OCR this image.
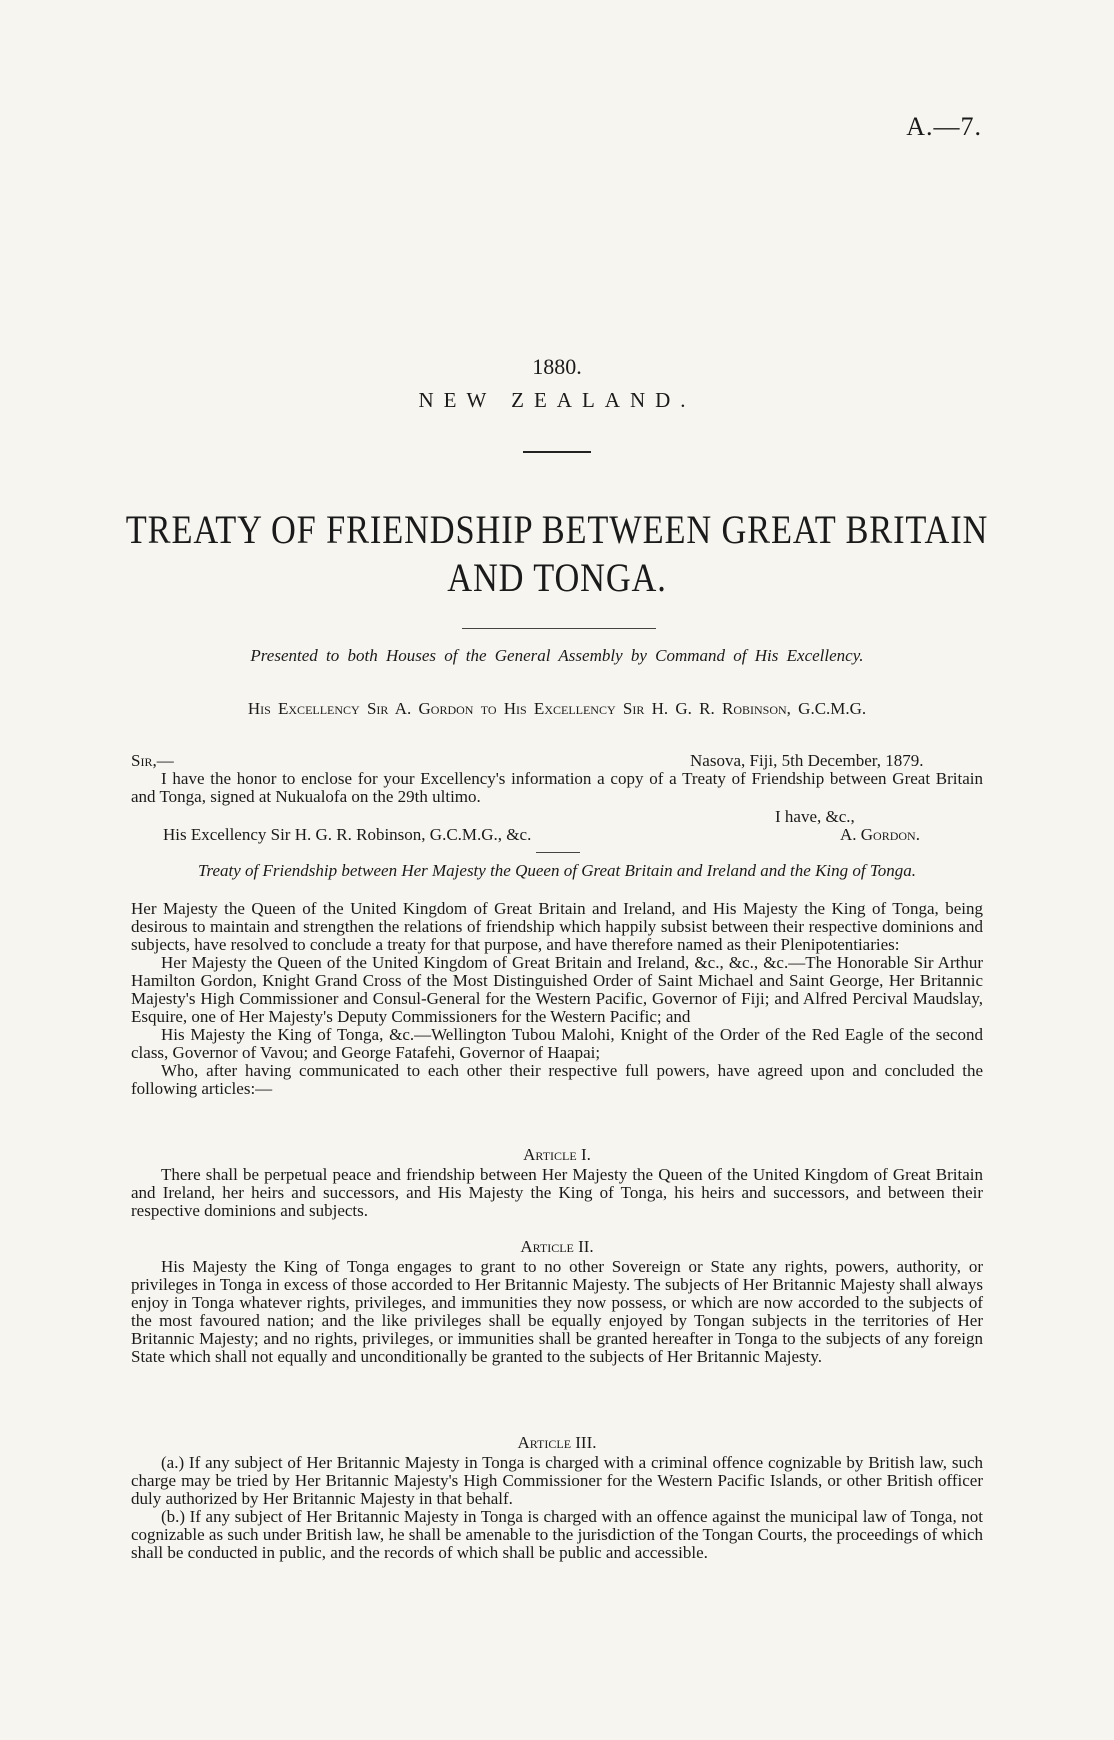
A.—7.
1880.
NEW ZEALAND.
TREATY OF FRIENDSHIP BETWEEN GREAT BRITAIN
AND TONGA.
Presented to both Houses of the General Assembly by Command of His Excellency.
His Excellency Sir A. Gordon to His Excellency Sir H. G. R. Robinson, G.C.M.G.
Sir,—	Nasova, Fiji, 5th December, 1879.
I have the honor to enclose for your Excellency's information a copy of a Treaty of Friendship between Great Britain and Tonga, signed at Nukualofa on the 29th ultimo.
I have, &c.,
His Excellency Sir H. G. R. Robinson, G.C.M.G., &c.	A. Gordon.
Treaty of Friendship between Her Majesty the Queen of Great Britain and Ireland and the King of Tonga.

Her Majesty the Queen of the United Kingdom of Great Britain and Ireland, and His Majesty the King of Tonga, being desirous to maintain and strengthen the relations of friendship which happily subsist between their respective dominions and subjects, have resolved to conclude a treaty for that purpose, and have therefore named as their Plenipotentiaries:

Her Majesty the Queen of the United Kingdom of Great Britain and Ireland, &c., &c., &c.—The Honorable Sir Arthur Hamilton Gordon, Knight Grand Cross of the Most Distinguished Order of Saint Michael and Saint George, Her Britannic Majesty's High Commissioner and Consul-General for the Western Pacific, Governor of Fiji; and Alfred Percival Maudslay, Esquire, one of Her Majesty's Deputy Commissioners for the Western Pacific; and

His Majesty the King of Tonga, &c.—Wellington Tubou Malohi, Knight of the Order of the Red Eagle of the second class, Governor of Vavou; and George Fatafehi, Governor of Haapai;

Who, after having communicated to each other their respective full powers, have agreed upon and concluded the following articles:—

Article I.

There shall be perpetual peace and friendship between Her Majesty the Queen of the United Kingdom of Great Britain and Ireland, her heirs and successors, and His Majesty the King of Tonga, his heirs and successors, and between their respective dominions and subjects.

Article II.

His Majesty the King of Tonga engages to grant to no other Sovereign or State any rights, powers, authority, or privileges in Tonga in excess of those accorded to Her Britannic Majesty. The subjects of Her Britannic Majesty shall always enjoy in Tonga whatever rights, privileges, and immunities they now possess, or which are now accorded to the subjects of the most favoured nation; and the like privileges shall be equally enjoyed by Tongan subjects in the territories of Her Britannic Majesty; and no rights, privileges, or immunities shall be granted hereafter in Tonga to the subjects of any foreign State which shall not equally and unconditionally be granted to the subjects of Her Britannic Majesty.

Article III.

(a.) If any subject of Her Britannic Majesty in Tonga is charged with a criminal offence cognizable by British law, such charge may be tried by Her Britannic Majesty's High Commissioner for the Western Pacific Islands, or other British officer duly authorized by Her Britannic Majesty in that behalf.

(b.) If any subject of Her Britannic Majesty in Tonga is charged with an offence against the municipal law of Tonga, not cognizable as such under British law, he shall be amenable to the jurisdiction of the Tongan Courts, the proceedings of which shall be conducted in public, and the records of which shall be public and accessible.
